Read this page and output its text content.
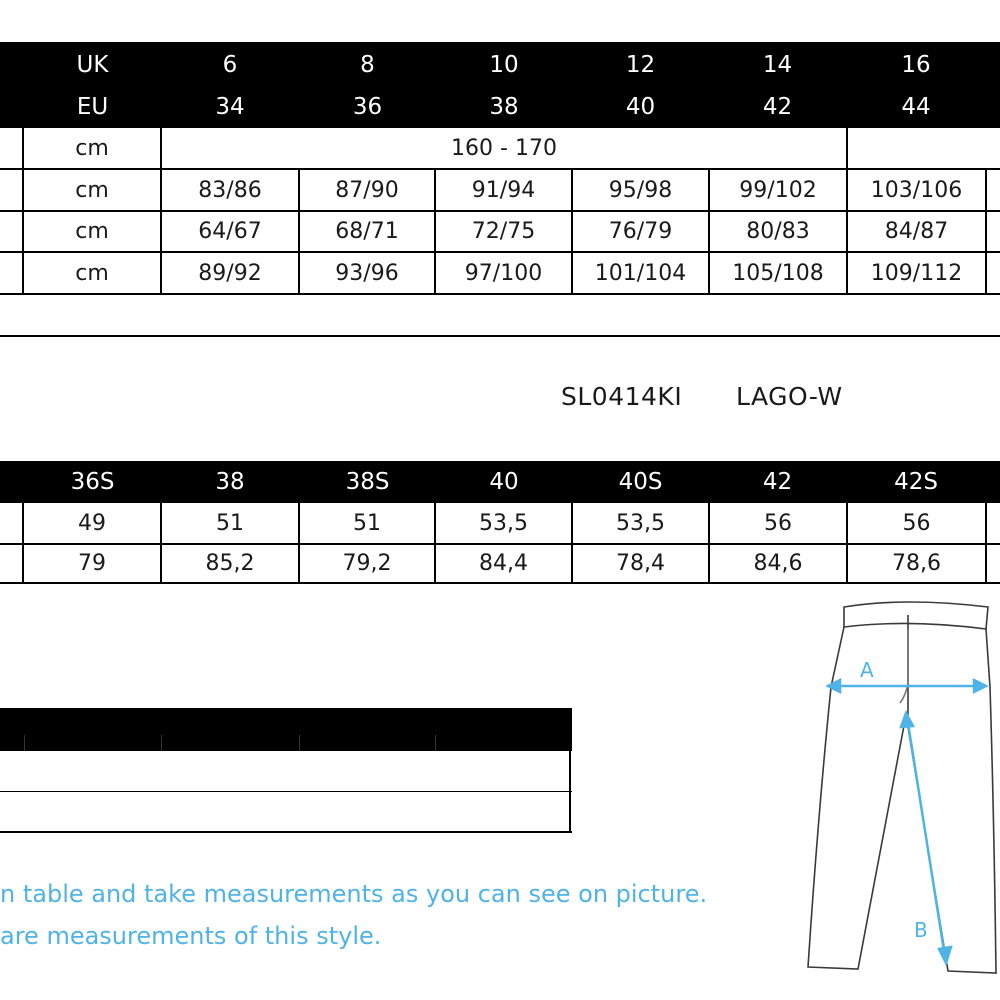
UK	6	8	10	12	14	16
EU	34	36	38	40	42	44
cm	160 - 170
cm	83/86	87/90	91/94	95/98	99/102	103/106
cm	64/67	68/71	72/75	76/79	80/83	84/87
cm	89/92	93/96	97/100	101/104	105/108	109/112
SL0414KI LAGO-W
36S	38	38S	40	40S	42	42S
49	51	51	53,5	53,5	56	56
79	85,2	79,2	84,4	78,4	84,6	78,6
n table and take measurements as you can see on picture.
are measurements of this style.
A
B
